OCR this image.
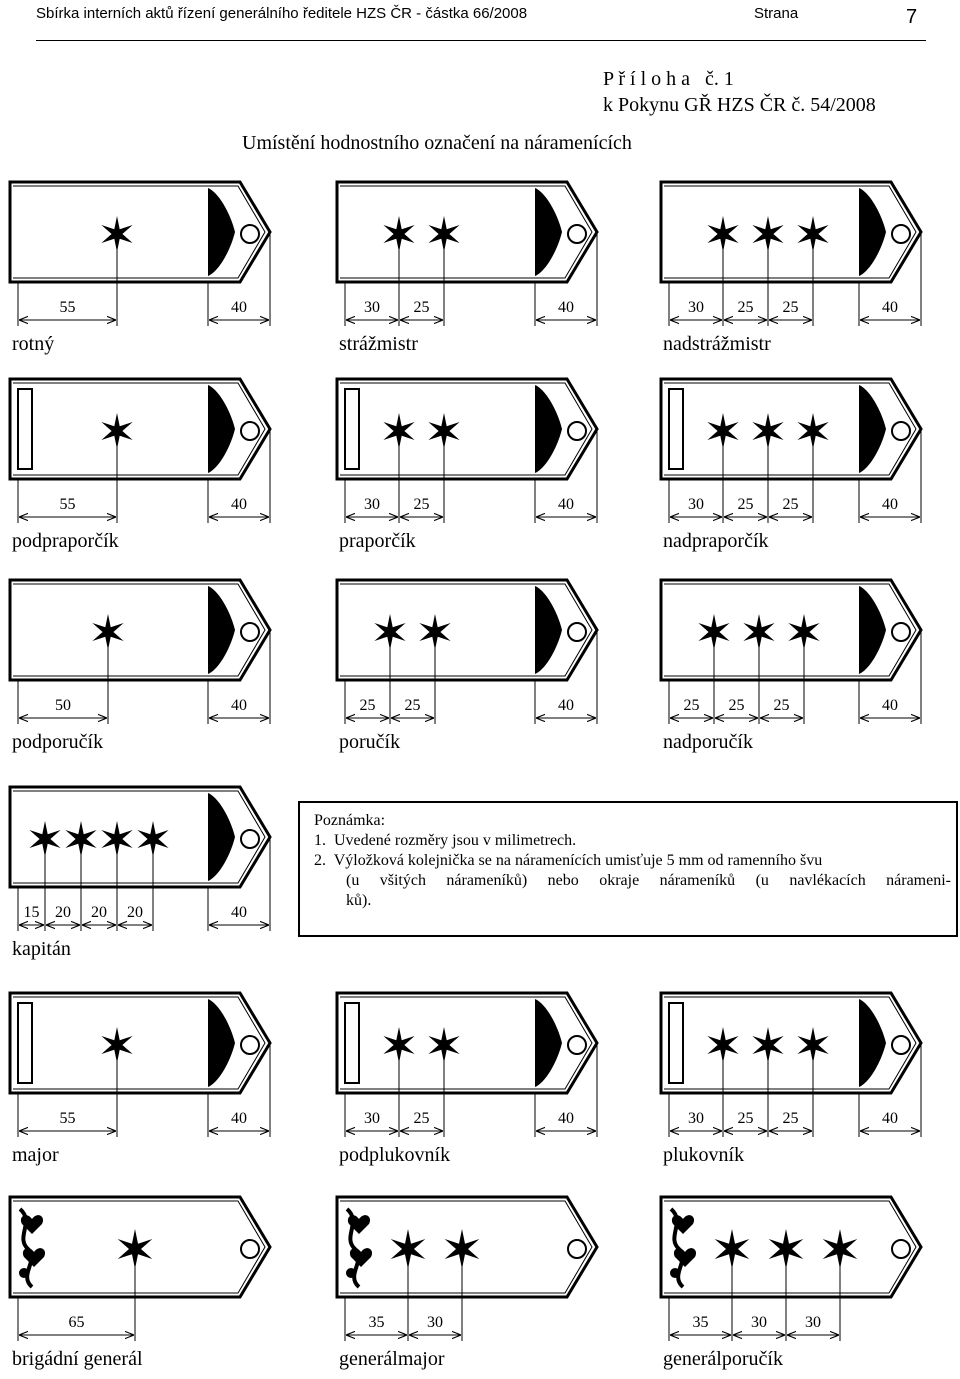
Sbírka interních aktů řízení generálního ředitele HZS ČR - částka 66/2008	Strana	7
P ř í l o h a   č. 1
k Pokynu GŘ HZS ČR č. 54/2008
Umístění hodnostního označení na náramenících
55	40
rotný
30 25	40
strážmistr
30 25 25	40
nadstrážmistr
55	40
podpraporčík
30 25	40
praporčík
30 25 25	40
nadpraporčík
50	40
podporučík
25 25	40
poručík
25 25 25	40
nadporučík
15 20 20 20	40
kapitán
55	40
major
30 25	40
podplukovník
30 25 25	40
plukovník
65
brigádní generál
35	30
generálmajor
35	30 30
generálporučík
Poznámka:
1.  Uvedené rozměry jsou v milimetrech.
2.  Výložková kolejnička se na náramenících umisťuje 5 mm od ramenního švu
(u všitých nárameníků) nebo okraje nárameníků (u navlékacích nárameni-
ků).
